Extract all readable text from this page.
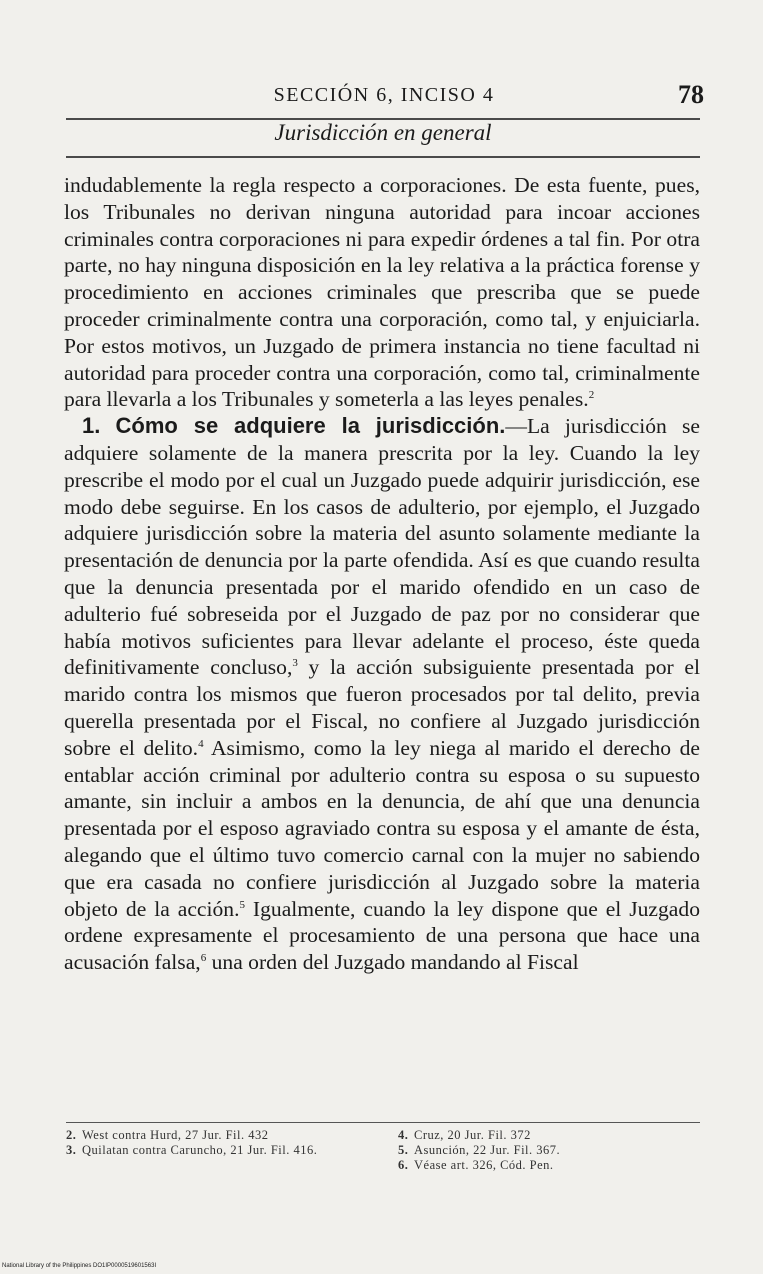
SECCIÓN 6, INCISO 4	78
Jurisdicción en general

indudablemente la regla respecto a corporaciones. De esta fuente, pues, los Tribunales no derivan ninguna autoridad para incoar acciones criminales contra corporaciones ni para expedir órdenes a tal fin. Por otra parte, no hay ninguna disposición en la ley relativa a la práctica forense y procedimiento en acciones criminales que prescriba que se puede proceder criminalmente contra una corporación, como tal, y enjuiciarla. Por estos motivos, un Juzgado de primera instancia no tiene facultad ni autoridad para proceder contra una corporación, como tal, criminalmente para llevarla a los Tribunales y someterla a las leyes penales.$^2$

1. Cómo se adquiere la jurisdicción.—La jurisdicción se adquiere solamente de la manera prescrita por la ley. Cuando la ley prescribe el modo por el cual un Juzgado puede adquirir jurisdicción, ese modo debe seguirse. En los casos de adulterio, por ejemplo, el Juzgado adquiere jurisdicción sobre la materia del asunto solamente mediante la presentación de denuncia por la parte ofendida. Así es que cuando resulta que la denuncia presentada por el marido ofendido en un caso de adulterio fué sobreseida por el Juzgado de paz por no considerar que había motivos suficientes para llevar adelante el proceso, éste queda definitivamente concluso,$^3$ y la acción subsiguiente presentada por el marido contra los mismos que fueron procesados por tal delito, previa querella presentada por el Fiscal, no confiere al Juzgado jurisdicción sobre el delito.$^4$ Asimismo, como la ley niega al marido el derecho de entablar acción criminal por adulterio contra su esposa o su supuesto amante, sin incluir a ambos en la denuncia, de ahí que una denuncia presentada por el esposo agraviado contra su esposa y el amante de ésta, alegando que el último tuvo comercio carnal con la mujer no sabiendo que era casada no confiere jurisdicción al Juzgado sobre la materia objeto de la acción.$^5$ Igualmente, cuando la ley dispone que el Juzgado ordene expresamente el procesamiento de una persona que hace una acusación falsa,$^6$ una orden del Juzgado mandando al Fiscal

2. West contra Hurd, 27 Jur. Fil. 432
3. Quilatan contra Caruncho, 21 Jur. Fil. 416.
4. Cruz, 20 Jur. Fil. 372
5. Asunción, 22 Jur. Fil. 367.
6. Véase art. 326, Cód. Pen.
National Library of the Philippines DO1IP0000519601563I
